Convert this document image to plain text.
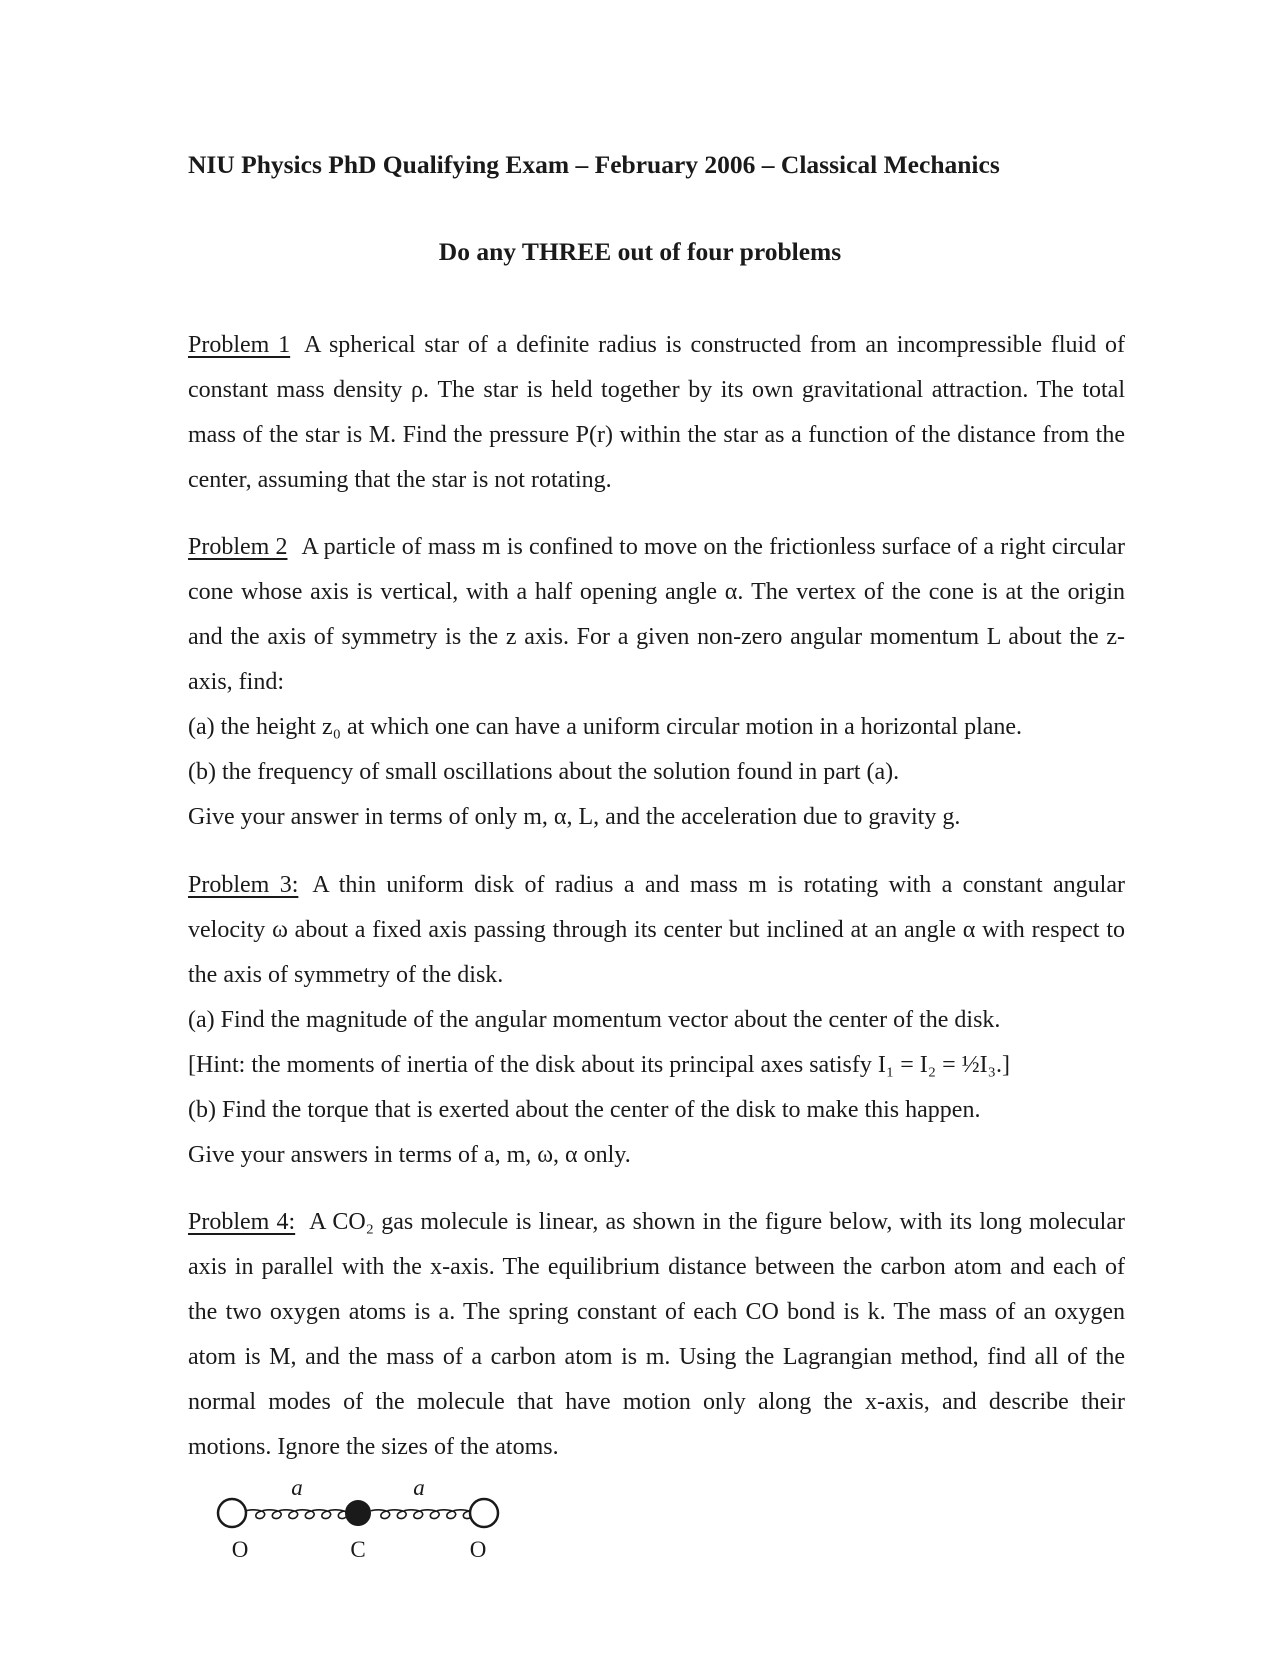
NIU Physics PhD Qualifying Exam – February 2006 – Classical Mechanics
Do any THREE out of four problems

Problem 1 A spherical star of a definite radius is constructed from an incompressible fluid of constant mass density ρ. The star is held together by its own gravitational attraction. The total mass of the star is M. Find the pressure P(r) within the star as a function of the distance from the center, assuming that the star is not rotating.

Problem 2 A particle of mass m is confined to move on the frictionless surface of a right circular cone whose axis is vertical, with a half opening angle α. The vertex of the cone is at the origin and the axis of symmetry is the z axis. For a given non-zero angular momentum L about the z-axis, find:

(a) the height z₀ at which one can have a uniform circular motion in a horizontal plane.

(b) the frequency of small oscillations about the solution found in part (a).

Give your answer in terms of only m, α, L, and the acceleration due to gravity g.

Problem 3: A thin uniform disk of radius a and mass m is rotating with a constant angular velocity ω about a fixed axis passing through its center but inclined at an angle α with respect to the axis of symmetry of the disk.

(a) Find the magnitude of the angular momentum vector about the center of the disk.

[Hint: the moments of inertia of the disk about its principal axes satisfy I₁ = I₂ = ½I₃.]

(b) Find the torque that is exerted about the center of the disk to make this happen.

Give your answers in terms of a, m, ω, α only.

Problem 4: A CO₂ gas molecule is linear, as shown in the figure below, with its long molecular axis in parallel with the x-axis. The equilibrium distance between the carbon atom and each of the two oxygen atoms is a. The spring constant of each CO bond is k. The mass of an oxygen atom is M, and the mass of a carbon atom is m. Using the Lagrangian method, find all of the normal modes of the molecule that have motion only along the x-axis, and describe their motions. Ignore the sizes of the atoms.

a	a
O	C	O
